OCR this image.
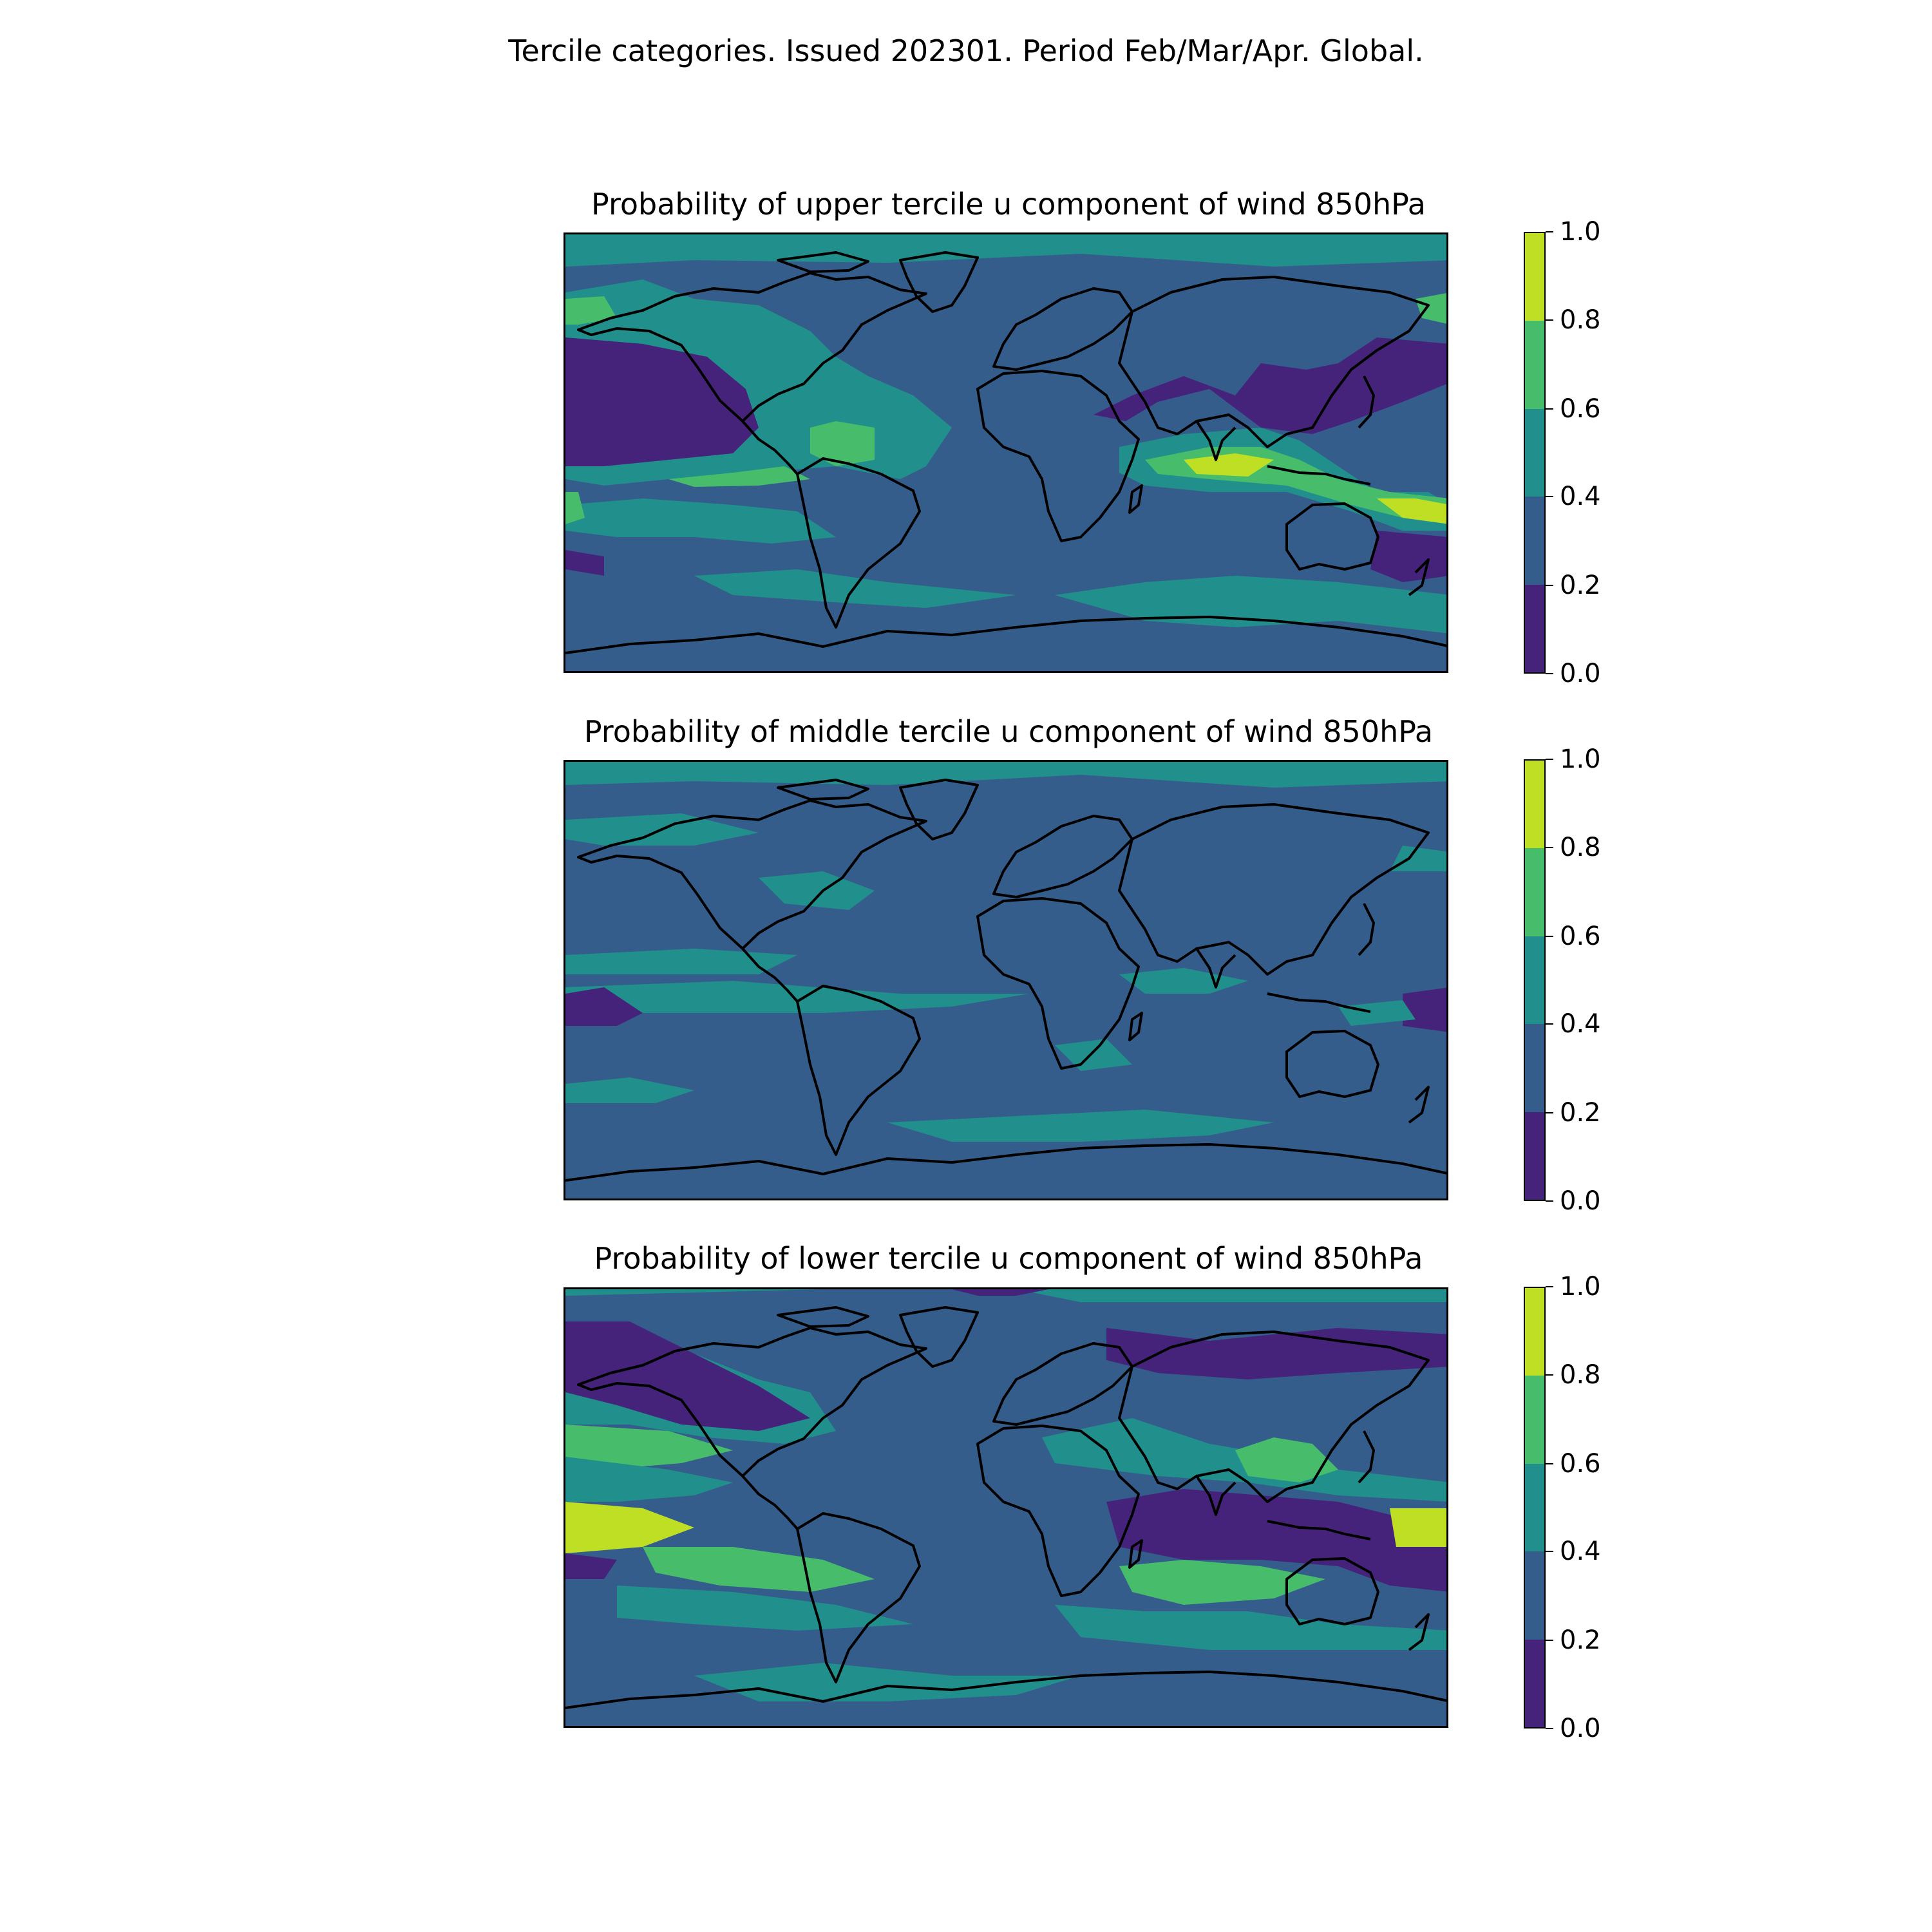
Tercile categories. Issued 202301. Period Feb/Mar/Apr. Global.
Probability of upper tercile u component of wind 850hPa
0.0
0.2
0.4
0.6
0.8
1.0
Probability of middle tercile u component of wind 850hPa
0.0
0.2
0.4
0.6
0.8
1.0
Probability of lower tercile u component of wind 850hPa
0.0
0.2
0.4
0.6
0.8
1.0
